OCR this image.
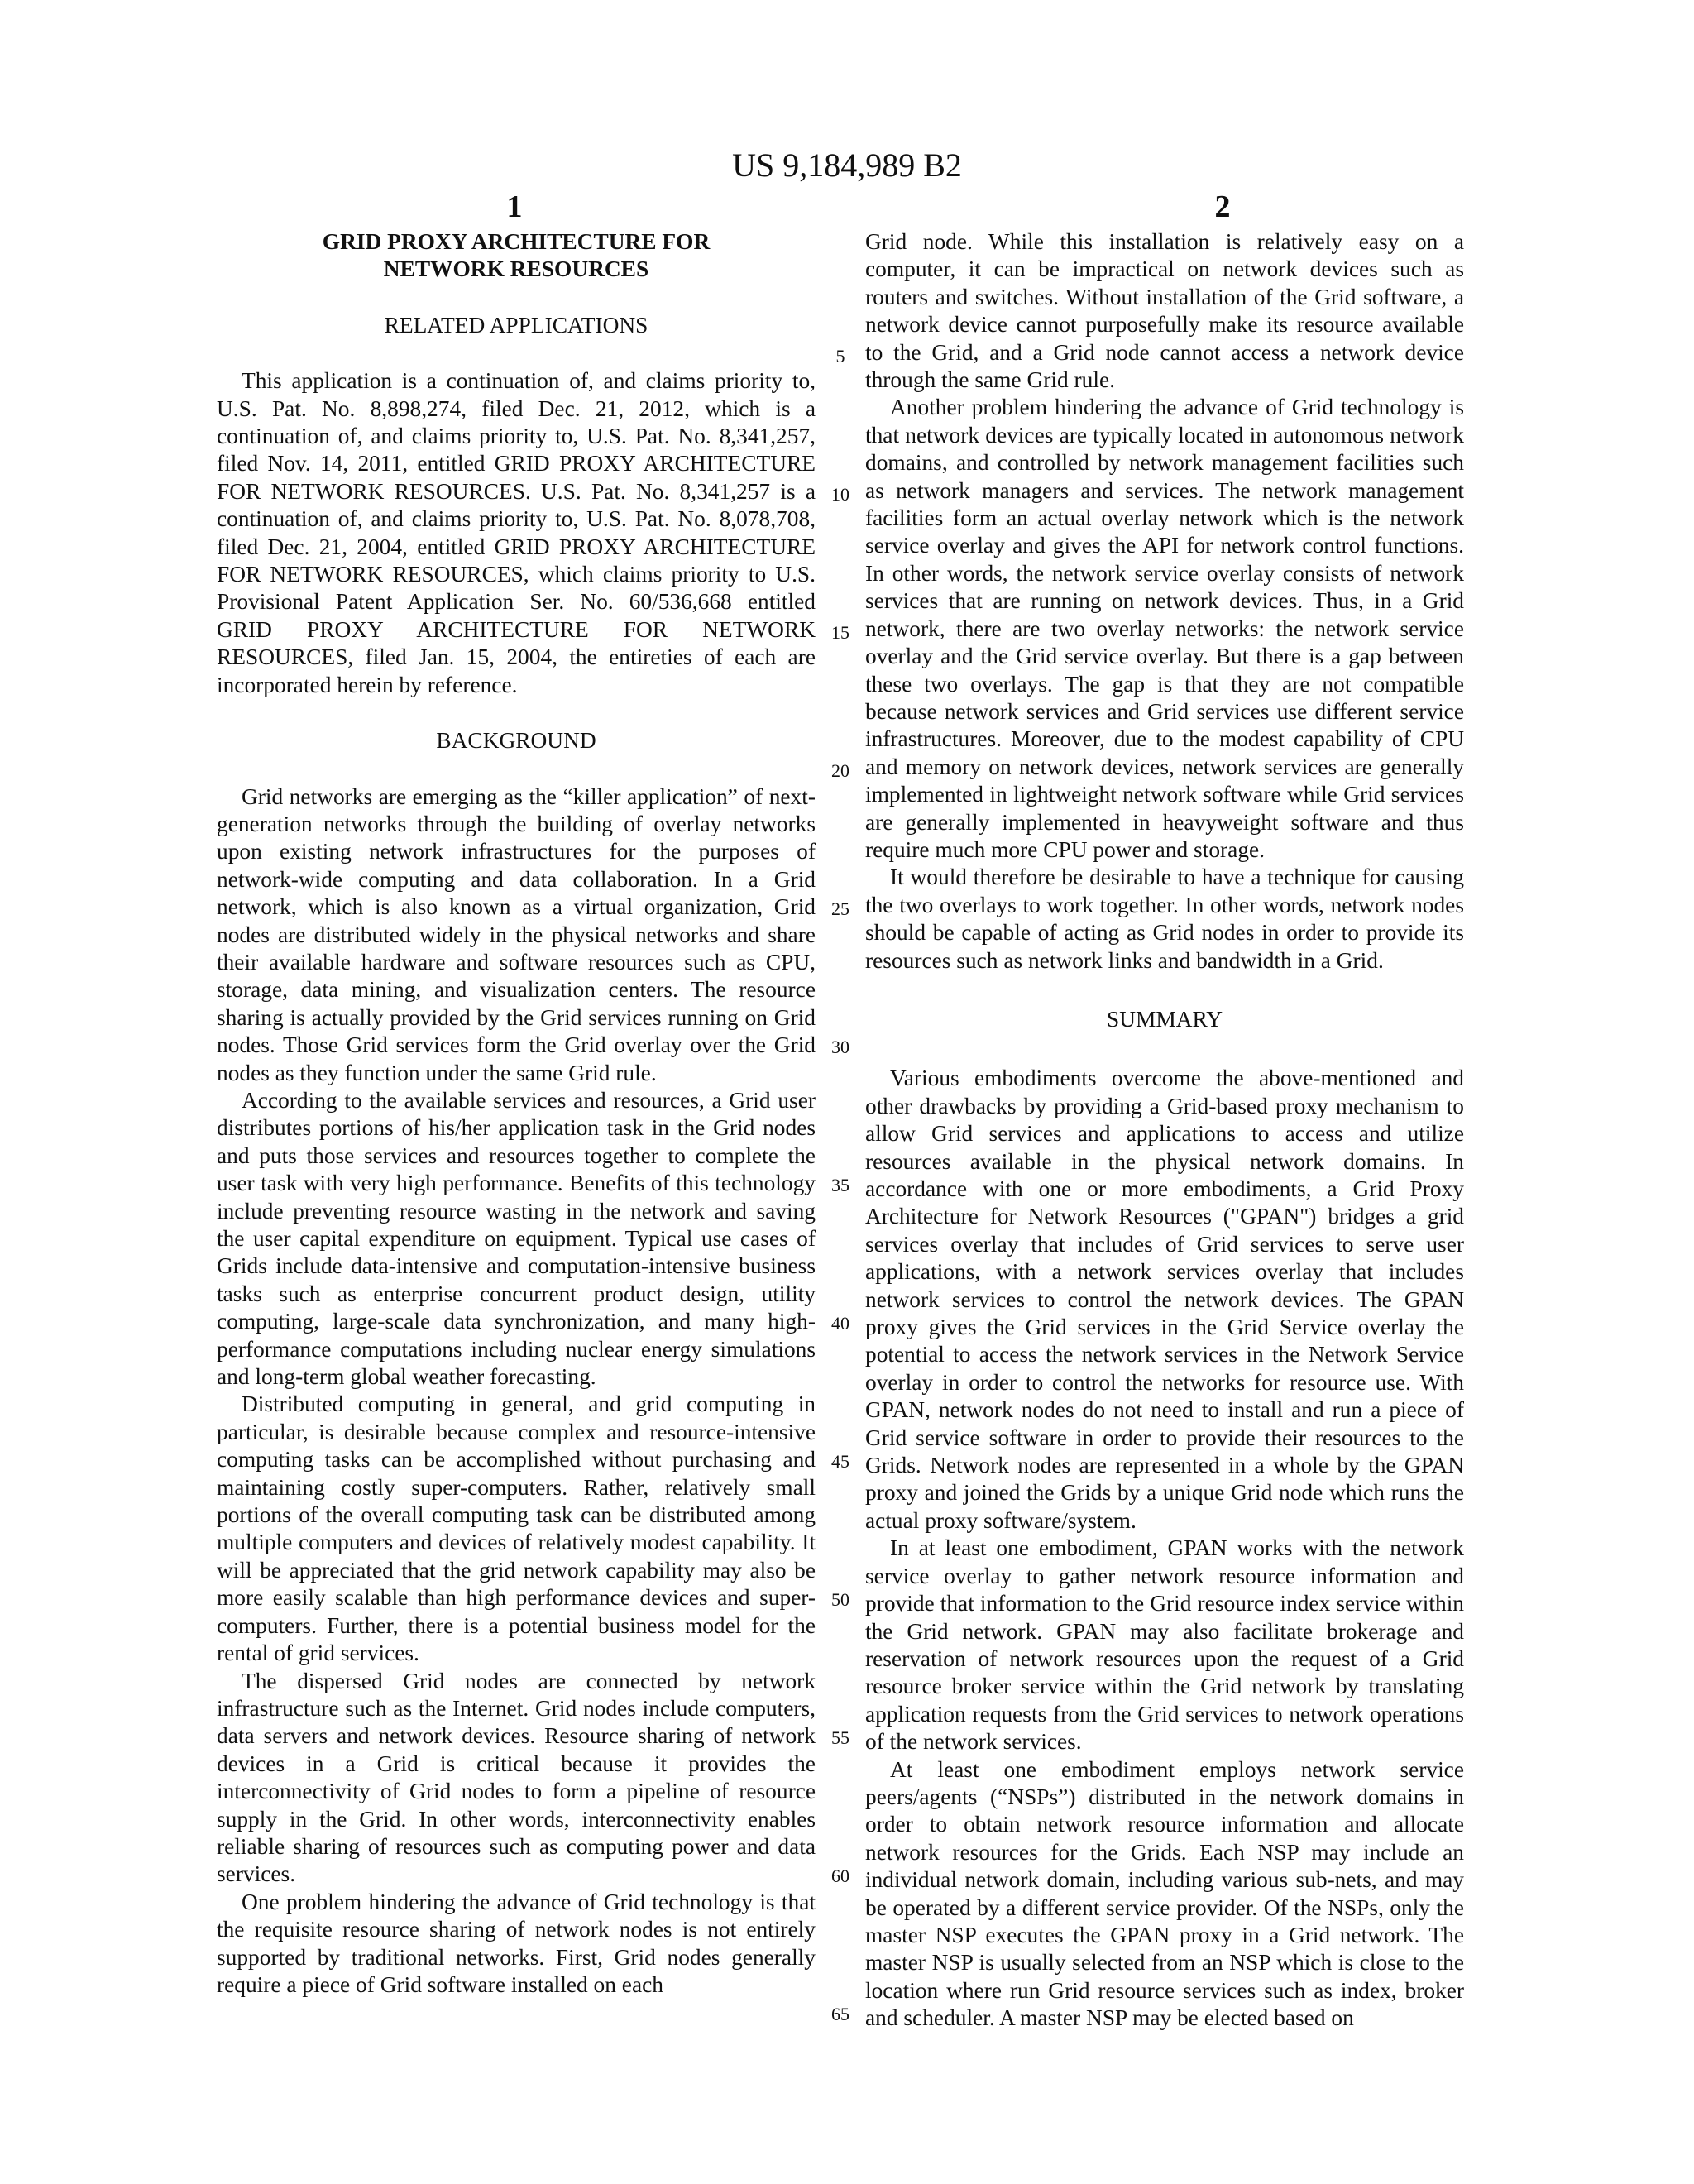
US 9,184,989 B2
1	2
GRID PROXY ARCHITECTURE FOR
NETWORK RESOURCES
RELATED APPLICATIONS

This application is a continuation of, and claims priority to, U.S. Pat. No. 8,898,274, filed Dec. 21, 2012, which is a continuation of, and claims priority to, U.S. Pat. No. 8,341,257, filed Nov. 14, 2011, entitled GRID PROXY ARCHITECTURE FOR NETWORK RESOURCES. U.S. Pat. No. 8,341,257 is a continuation of, and claims priority to, U.S. Pat. No. 8,078,708, filed Dec. 21, 2004, entitled GRID PROXY ARCHITECTURE FOR NETWORK RESOURCES, which claims priority to U.S. Provisional Patent Application Ser. No. 60/536,668 entitled GRID PROXY ARCHITECTURE FOR NETWORK RESOURCES, filed Jan. 15, 2004, the entireties of each are incorporated herein by reference.

BACKGROUND

Grid networks are emerging as the “killer application” of next-generation networks through the building of overlay networks upon existing network infrastructures for the purposes of network-wide computing and data collaboration. In a Grid network, which is also known as a virtual organization, Grid nodes are distributed widely in the physical networks and share their available hardware and software resources such as CPU, storage, data mining, and visualization centers. The resource sharing is actually provided by the Grid services running on Grid nodes. Those Grid services form the Grid overlay over the Grid nodes as they function under the same Grid rule.

According to the available services and resources, a Grid user distributes portions of his/her application task in the Grid nodes and puts those services and resources together to complete the user task with very high performance. Benefits of this technology include preventing resource wasting in the network and saving the user capital expenditure on equipment. Typical use cases of Grids include data-intensive and computation-intensive business tasks such as enterprise concurrent product design, utility computing, large-scale data synchronization, and many high-performance computations including nuclear energy simulations and long-term global weather forecasting.

Distributed computing in general, and grid computing in particular, is desirable because complex and resource-intensive computing tasks can be accomplished without purchasing and maintaining costly super-computers. Rather, relatively small portions of the overall computing task can be distributed among multiple computers and devices of relatively modest capability. It will be appreciated that the grid network capability may also be more easily scalable than high performance devices and super-computers. Further, there is a potential business model for the rental of grid services.

The dispersed Grid nodes are connected by network infrastructure such as the Internet. Grid nodes include computers, data servers and network devices. Resource sharing of network devices in a Grid is critical because it provides the interconnectivity of Grid nodes to form a pipeline of resource supply in the Grid. In other words, interconnectivity enables reliable sharing of resources such as computing power and data services.

One problem hindering the advance of Grid technology is that the requisite resource sharing of network nodes is not entirely supported by traditional networks. First, Grid nodes generally require a piece of Grid software installed on each

5
10
15
20
25
30
35
40
45
50
55
60
65

Grid node. While this installation is relatively easy on a computer, it can be impractical on network devices such as routers and switches. Without installation of the Grid software, a network device cannot purposefully make its resource available to the Grid, and a Grid node cannot access a network device through the same Grid rule.

Another problem hindering the advance of Grid technology is that network devices are typically located in autonomous network domains, and controlled by network management facilities such as network managers and services. The network management facilities form an actual overlay network which is the network service overlay and gives the API for network control functions. In other words, the network service overlay consists of network services that are running on network devices. Thus, in a Grid network, there are two overlay networks: the network service overlay and the Grid service overlay. But there is a gap between these two overlays. The gap is that they are not compatible because network services and Grid services use different service infrastructures. Moreover, due to the modest capability of CPU and memory on network devices, network services are generally implemented in lightweight network software while Grid services are generally implemented in heavyweight software and thus require much more CPU power and storage.

It would therefore be desirable to have a technique for causing the two overlays to work together. In other words, network nodes should be capable of acting as Grid nodes in order to provide its resources such as network links and bandwidth in a Grid.

SUMMARY

Various embodiments overcome the above-mentioned and other drawbacks by providing a Grid-based proxy mechanism to allow Grid services and applications to access and utilize resources available in the physical network domains. In accordance with one or more embodiments, a Grid Proxy Architecture for Network Resources ("GPAN") bridges a grid services overlay that includes of Grid services to serve user applications, with a network services overlay that includes network services to control the network devices. The GPAN proxy gives the Grid services in the Grid Service overlay the potential to access the network services in the Network Service overlay in order to control the networks for resource use. With GPAN, network nodes do not need to install and run a piece of Grid service software in order to provide their resources to the Grids. Network nodes are represented in a whole by the GPAN proxy and joined the Grids by a unique Grid node which runs the actual proxy software/system.

In at least one embodiment, GPAN works with the network service overlay to gather network resource information and provide that information to the Grid resource index service within the Grid network. GPAN may also facilitate brokerage and reservation of network resources upon the request of a Grid resource broker service within the Grid network by translating application requests from the Grid services to network operations of the network services.

At least one embodiment employs network service peers/agents (“NSPs”) distributed in the network domains in order to obtain network resource information and allocate network resources for the Grids. Each NSP may include an individual network domain, including various sub-nets, and may be operated by a different service provider. Of the NSPs, only the master NSP executes the GPAN proxy in a Grid network. The master NSP is usually selected from an NSP which is close to the location where run Grid resource services such as index, broker and scheduler. A master NSP may be elected based on
